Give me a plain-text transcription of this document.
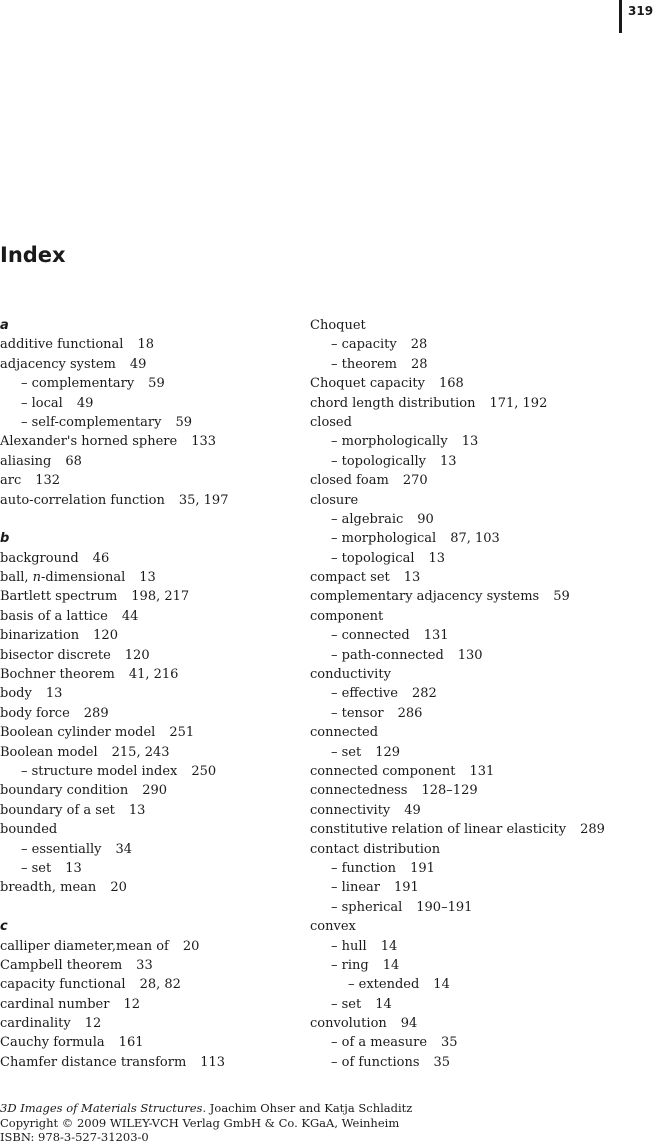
319
Index
a
additive functional 18
adjacency system 49
– complementary 59
– local 49
– self-complementary 59
Alexander's horned sphere 133
aliasing 68
arc 132
auto-correlation function 35, 197
b
background 46
ball, n-dimensional 13
Bartlett spectrum 198, 217
basis of a lattice 44
binarization 120
bisector discrete 120
Bochner theorem 41, 216
body 13
body force 289
Boolean cylinder model 251
Boolean model 215, 243
– structure model index 250
boundary condition 290
boundary of a set 13
bounded
– essentially 34
– set 13
breadth, mean 20
c
calliper diameter,mean of 20
Campbell theorem 33
capacity functional 28, 82
cardinal number 12
cardinality 12
Cauchy formula 161
Chamfer distance transform 113
Choquet
– capacity 28
– theorem 28
Choquet capacity 168
chord length distribution 171, 192
closed
– morphologically 13
– topologically 13
closed foam 270
closure
– algebraic 90
– morphological 87, 103
– topological 13
compact set 13
complementary adjacency systems 59
component
– connected 131
– path-connected 130
conductivity
– effective 282
– tensor 286
connected
– set 129
connected component 131
connectedness 128–129
connectivity 49
constitutive relation of linear elasticity 289
contact distribution
– function 191
– linear 191
– spherical 190–191
convex
– hull 14
– ring 14
– extended 14
– set 14
convolution 94
– of a measure 35
– of functions 35
3D Images of Materials Structures. Joachim Ohser and Katja Schladitz
Copyright © 2009 WILEY-VCH Verlag GmbH & Co. KGaA, Weinheim
ISBN: 978-3-527-31203-0
